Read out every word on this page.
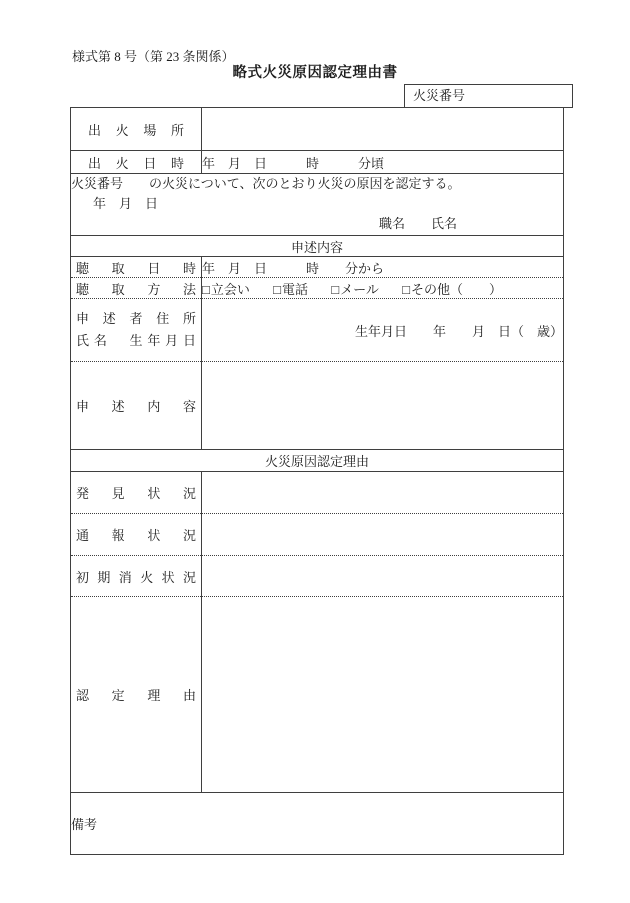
様式第 8 号（第 23 条関係）
略式火災原因認定理由書
火災番号
出火場所	

出火日時	年　月　日　　　時　　　分頃

火災番号　　の火災について、次のとおり火災の原因を認定する。
年　月　日
職名　　氏名	

申述内容	

聴取日時	年　月　日　　　時　　分から

聴取方法	□立会い □電話 □メール □その他（　　）

申述者住所
氏名　生年月日	生年月日　　年　　月　日（　歳）

申述内容	

火災原因認定理由	

発見状況	

通報状況	

初期消火状況	

認定理由	

備考	
